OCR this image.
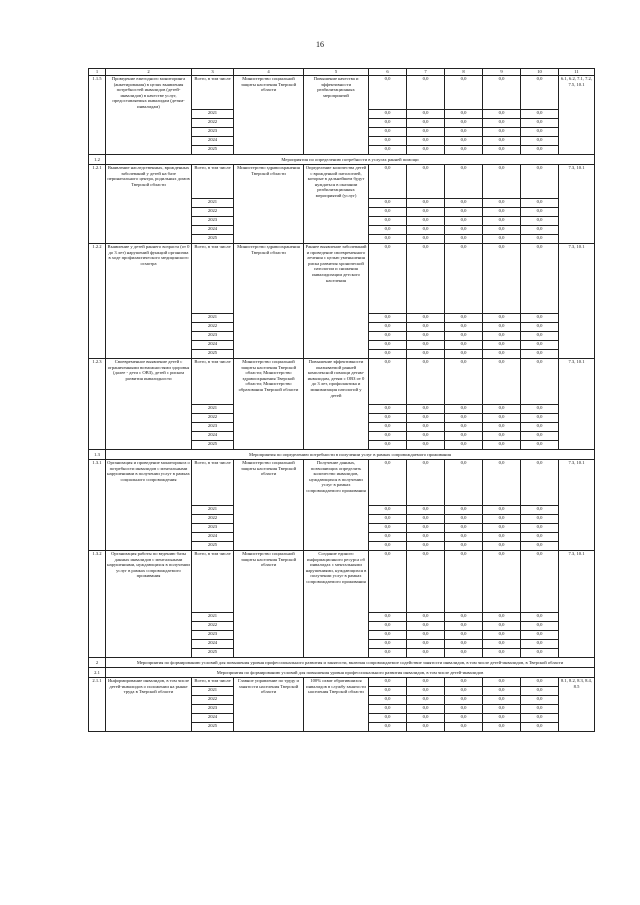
16
1	2	3	4	5	6	7	8	9	10	11
1.1.5	Проведение ежегодного мониторинга (анкетирования) в целях выявления потребностей инвалидов (детей-инвалидов) в качестве услуг, предоставляемых инвалидам (детям-инвалидам)	Всего, в том числе	Министерство социальной защиты населения Тверской области	Повышение качества и эффективности реабилитационных мероприятий	0,0	0,0	0,0	0,0	0,0	6.1, 6.2, 7.1, 7.2, 7.5, 10.1
		2021			0,0	0,0	0,0	0,0	0,0	
		2022			0,0	0,0	0,0	0,0	0,0	
		2023			0,0	0,0	0,0	0,0	0,0	
		2024			0,0	0,0	0,0	0,0	0,0	
		2025			0,0	0,0	0,0	0,0	0,0	
1.2	Мероприятия по определению потребности в услугах ранней помощи									
1.2.1	Выявление наследственных, врожденных заболеваний у детей на базе перинатального центра, родильных домов Тверской области	Всего, в том числе	Министерство здравоохранения Тверской области	Определение количества детей с врожденной патологией, которые в дальнейшем будут нуждаться в оказании реабилитационных мероприятий (услуг)	0,0	0,0	0,0	0,0	0,0	7.3, 10.1
		2021			0,0	0,0	0,0	0,0	0,0	
		2022			0,0	0,0	0,0	0,0	0,0	
		2023			0,0	0,0	0,0	0,0	0,0	
		2024			0,0	0,0	0,0	0,0	0,0	
		2025			0,0	0,0	0,0	0,0	0,0	
1.2.2	Выявление у детей раннего возраста (от 0 до 3 лет) нарушений функций организма в ходе профилактического медицинского осмотра	Всего, в том числе	Министерство здравоохранения Тверской области	Раннее выявление заболеваний и проведение своевременного лечения с целью уменьшения риска развития хронической патологии и снижения инвалидизации детского населения	0,0	0,0	0,0	0,0	0,0	7.3, 10.1
		2021			0,0	0,0	0,0	0,0	0,0	
		2022			0,0	0,0	0,0	0,0	0,0	
		2023			0,0	0,0	0,0	0,0	0,0	
		2024			0,0	0,0	0,0	0,0	0,0	
		2025			0,0	0,0	0,0	0,0	0,0	
1.2.3	Своевременное выявление детей с ограниченными возможностями здоровья (далее - дети с ОВЗ), детей с риском развития инвалидности	Всего, в том числе	Министерство социальной защиты населения Тверской области; Министерство здравоохранения Тверской области; Министерство образования Тверской области	Повышение эффективности оказываемой ранней комплексной помощи детям-инвалидам, детям с ОВЗ от 0 до 3 лет, профилактика и минимизация патологий у детей	0,0	0,0	0,0	0,0	0,0	7.3, 10.1
		2021			0,0	0,0	0,0	0,0	0,0	
		2022			0,0	0,0	0,0	0,0	0,0	
		2023			0,0	0,0	0,0	0,0	0,0	
		2024			0,0	0,0	0,0	0,0	0,0	
		2025			0,0	0,0	0,0	0,0	0,0	
1.3	Мероприятия по определению потребности в получении услуг в рамках сопровождаемого проживания									
1.3.1	Организация и проведение мониторинга о потребности инвалидов с ментальными нарушениями в получении услуг в рамках социального сопровождения	Всего, в том числе	Министерство социальной защиты населения Тверской области	Получение данных, позволяющих определить количество инвалидов, нуждающихся в получении услуг в рамках сопровождаемого проживания	0,0	0,0	0,0	0,0	0,0	7.3, 10.1
		2021			0,0	0,0	0,0	0,0	0,0	
		2022			0,0	0,0	0,0	0,0	0,0	
		2023			0,0	0,0	0,0	0,0	0,0	
		2024			0,0	0,0	0,0	0,0	0,0	
		2025			0,0	0,0	0,0	0,0	0,0	
1.3.2	Организация работы по ведению базы данных инвалидов с ментальными нарушениями, нуждающихся в получении услуг в рамках сопровождаемого проживания	Всего, в том числе	Министерство социальной защиты населения Тверской области	Создание единого информационного ресурса об инвалидах с ментальными нарушениями, нуждающихся в получении услуг в рамках сопровождаемого проживания	0,0	0,0	0,0	0,0	0,0	7.3, 10.1
		2021			0,0	0,0	0,0	0,0	0,0	
		2022			0,0	0,0	0,0	0,0	0,0	
		2023			0,0	0,0	0,0	0,0	0,0	
		2024			0,0	0,0	0,0	0,0	0,0	
		2025			0,0	0,0	0,0	0,0	0,0	
2	Мероприятия по формированию условий для повышения уровня профессионального развития и занятости, включая сопровождаемое содействие занятости инвалидов, в том числе детей-инвалидов, в Тверской области									
2.1	Мероприятия по формированию условий для повышения уровня профессионального развития инвалидов, в том числе детей-инвалидов									
2.1.1	Информирование инвалидов, в том числе детей-инвалидов о положении на рынке труда в Тверской области	Всего, в том числе	Главное управление по труду и занятости населения Тверской области	100% охват обратившихся инвалидов в службу занятости населения Тверской области	0,0	0,0	0,0	0,0	0,0	8.1, 8.2, 8.3, 8.4, 8.5
		2021			0,0	0,0	0,0	0,0	0,0	
		2022			0,0	0,0	0,0	0,0	0,0	
		2023			0,0	0,0	0,0	0,0	0,0	
		2024			0,0	0,0	0,0	0,0	0,0	
		2025			0,0	0,0	0,0	0,0	0,0	
